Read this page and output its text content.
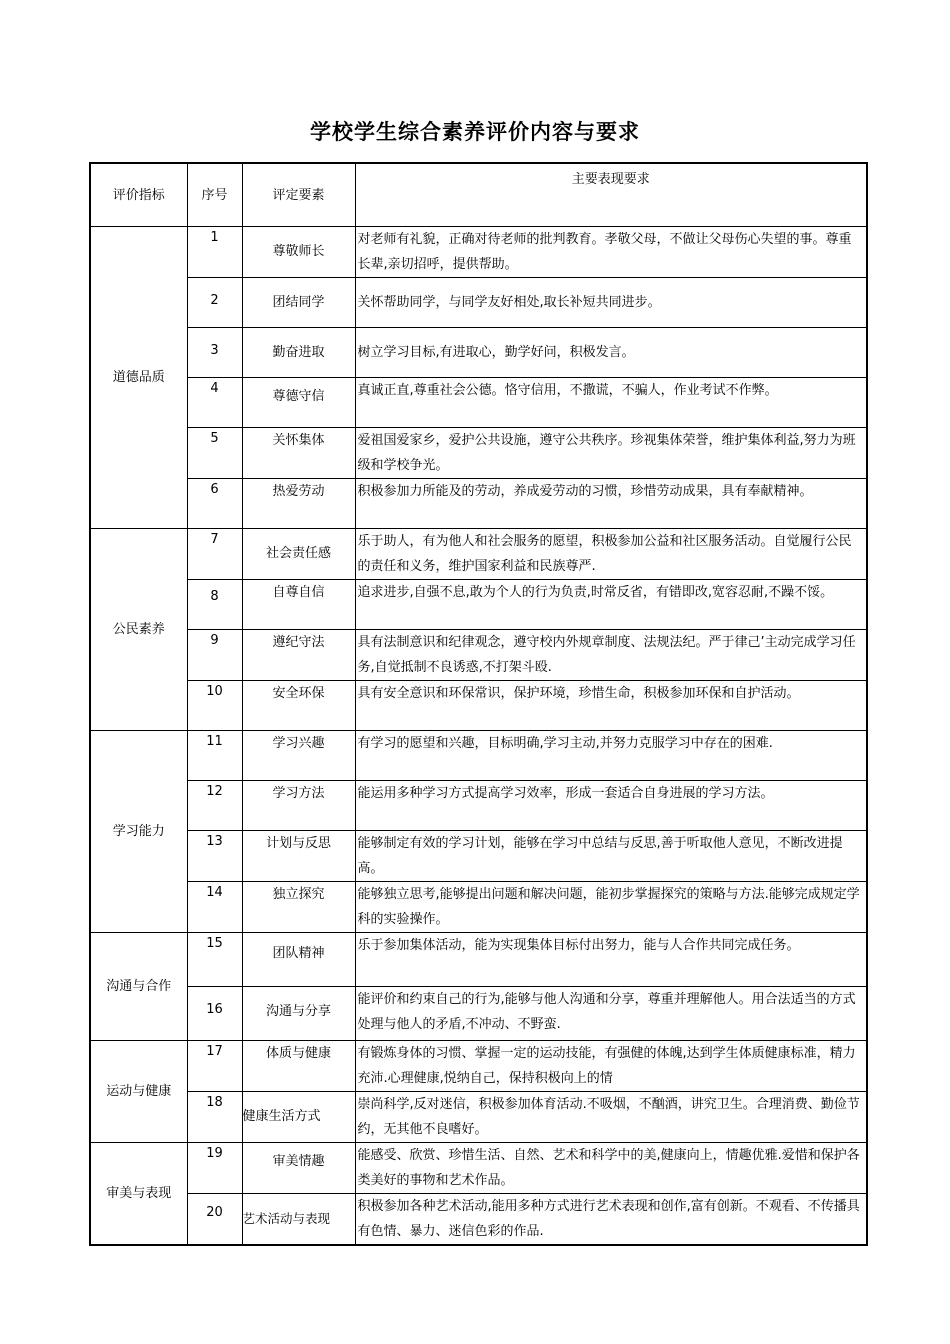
学校学生综合素养评价内容与要求
评价指标	序号	评定要素	主要表现要求
道德品质	1	尊敬师长	对老师有礼貌，正确对待老师的批判教育。孝敬父母，不做让父母伤心失望的事。尊重长辈,亲切招呼，提供帮助。
	2	团结同学	关怀帮助同学，与同学友好相处,取长补短共同进步。
	3	勤奋进取	树立学习目标,有进取心，勤学好问，积极发言。
	4	尊德守信	真诚正直,尊重社会公德。恪守信用，不撒谎，不骗人，作业考试不作弊。
	5	关怀集体	爱祖国爱家乡，爱护公共设施，遵守公共秩序。珍视集体荣誉，维护集体利益,努力为班级和学校争光。
	6	热爱劳动	积极参加力所能及的劳动，养成爱劳动的习惯，珍惜劳动成果，具有奉献精神。
公民素养	7	社会责任感	乐于助人，有为他人和社会服务的愿望，积极参加公益和社区服务活动。自觉履行公民的责任和义务，维护国家利益和民族尊严.
	8	自尊自信	追求进步,自强不息,敢为个人的行为负责,时常反省，有错即改,宽容忍耐,不躁不馁。
	9	遵纪守法	具有法制意识和纪律观念，遵守校内外规章制度、法规法纪。严于律己’主动完成学习任务,自觉抵制不良诱惑,不打架斗殴.
	10	安全环保	具有安全意识和环保常识，保护环境，珍惜生命，积极参加环保和自护活动。
学习能力	11	学习兴趣	有学习的愿望和兴趣，目标明确,学习主动,并努力克服学习中存在的困难.
	12	学习方法	能运用多种学习方式提高学习效率，形成一套适合自身进展的学习方法。
	13	计划与反思	能够制定有效的学习计划，能够在学习中总结与反思,善于听取他人意见，不断改进提高。
	14	独立探究	能够独立思考,能够提出问题和解决问题，能初步掌握探究的策略与方法.能够完成规定学科的实验操作。
沟通与合作	15	团队精神	乐于参加集体活动，能为实现集体目标付出努力，能与人合作共同完成任务。
	16	沟通与分享	能评价和约束自己的行为,能够与他人沟通和分享，尊重并理解他人。用合法适当的方式处理与他人的矛盾,不冲动、不野蛮.
运动与健康	17	体质与健康	有锻炼身体的习惯、掌握一定的运动技能，有强健的体魄,达到学生体质健康标准，精力充沛.心理健康,悦纳自己，保持积极向上的情

	18	健康生活方式	崇尚科学,反对迷信，积极参加体育活动.不吸烟，不酗酒，讲究卫生。合理消费、勤俭节约，无其他不良嗜好。
审美与表现	19	审美情趣	能感受、欣赏、珍惜生活、自然、艺术和科学中的美,健康向上，情趣优雅.爱惜和保护各类美好的事物和艺术作品。
	20	艺术活动与表现	积极参加各种艺术活动,能用多种方式进行艺术表现和创作,富有创新。不观看、不传播具有色情、暴力、迷信色彩的作品.
